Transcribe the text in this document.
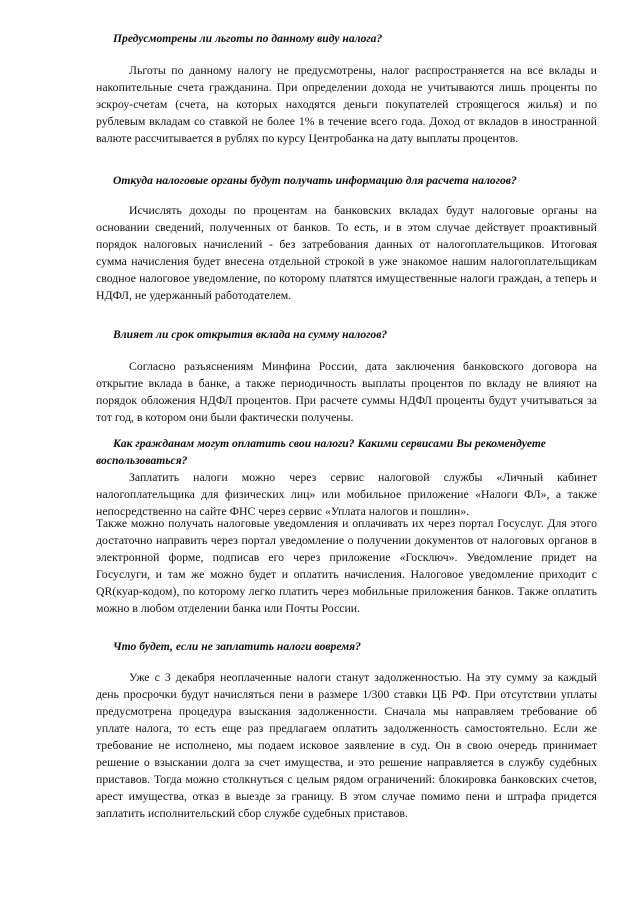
Предусмотрены ли льготы по данному виду налога?

Льготы по данному налогу не предусмотрены, налог распространяется на все вклады и накопительные счета гражданина. При определении дохода не учитываются лишь проценты по эскроу-счетам (счета, на которых находятся деньги покупателей строящегося жилья) и по рублевым вкладам со ставкой не более 1% в течение всего года. Доход от вкладов в иностранной валюте рассчитывается в рублях по курсу Центробанка на дату выплаты процентов.

Откуда налоговые органы будут получать информацию для расчета налогов?

Исчислять доходы по процентам на банковских вкладах будут налоговые органы на основании сведений, полученных от банков. То есть, и в этом случае действует проактивный порядок налоговых начислений - без затребования данных от налогоплательщиков. Итоговая сумма начисления будет внесена отдельной строкой в уже знакомое нашим налогоплательщикам сводное налоговое уведомление, по которому платятся имущественные налоги граждан, а теперь и НДФЛ, не удержанный работодателем.

Влияет ли срок открытия вклада на сумму налогов?

Согласно разъяснениям Минфина России, дата заключения банковского договора на открытие вклада в банке, а также периодичность выплаты процентов по вкладу не влияют на порядок обложения НДФЛ процентов. При расчете суммы НДФЛ проценты будут учитываться за тот год, в котором они были фактически получены.

Как гражданам могут оплатить свои налоги? Какими сервисами Вы рекомендуете
воспользоваться?

Заплатить налоги можно через сервис налоговой службы «Личный кабинет налогоплательщика для физических лиц» или мобильное приложение «Налоги ФЛ», а также непосредственно на сайте ФНС через сервис «Уплата налогов и пошлин».

Также можно получать налоговые уведомления и оплачивать их через портал Госуслуг. Для этого достаточно направить через портал уведомление о получении документов от налоговых органов в электронной форме, подписав его через приложение «Госключ». Уведомление придет на Госуслуги, и там же можно будет и оплатить начисления. Налоговое уведомление приходит с QR(куар-кодом), по которому легко платить через мобильные приложения банков. Также оплатить можно в любом отделении банка или Почты России.

Что будет, если не заплатить налоги вовремя?

Уже с 3 декабря неоплаченные налоги станут задолженностью. На эту сумму за каждый день просрочки будут начисляться пени в размере 1/300 ставки ЦБ РФ. При отсутствии уплаты предусмотрена процедура взыскания задолженности. Сначала мы направляем требование об уплате налога, то есть еще раз предлагаем оплатить задолженность самостоятельно. Если же требование не исполнено, мы подаем исковое заявление в суд. Он в свою очередь принимает решение о взыскании долга за счет имущества, и это решение направляется в службу судебных приставов. Тогда можно столкнуться с целым рядом ограничений: блокировка банковских счетов, арест имущества, отказ в выезде за границу. В этом случае помимо пени и штрафа придется заплатить исполнительский сбор службе судебных приставов.
